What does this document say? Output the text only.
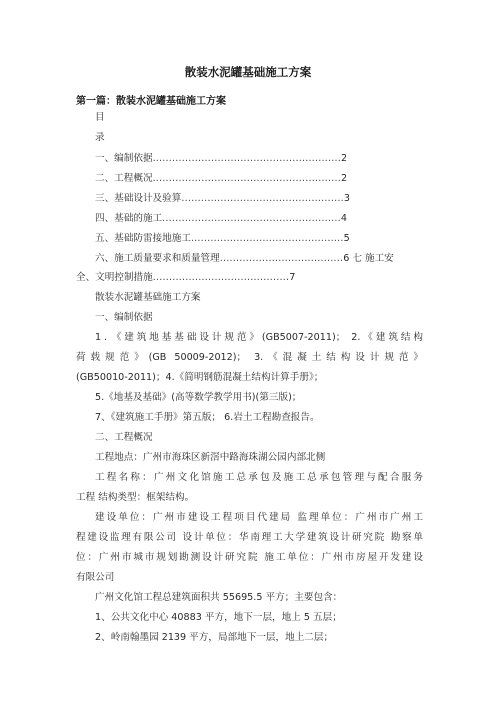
散装水泥罐基础施工方案
第一篇：散装水泥罐基础施工方案
目
录
一、编制依据..........................................................2
二、工程概况..........................................................2
三、基础设计及验算..................................................3
四、基础的施工.......................................................4
五、基础防雷接地施工...............................................5
六、施工质量要求和质量管理......................................6 七 施工安
全、文明控制措施..........................................7
散装水泥罐基础施工方案
一、编制依据
1．《建筑地基基础设计规范》(GB5007-2011)； 2.《建筑结构
荷载规范》(GB 50009-2012)； 3.《混凝土结构设计规范》
(GB50010-2011)；4.《简明钢筋混凝土结构计算手册》；
5.《地基及基础》(高等数学教学用书)(第三版)；
7、《建筑施工手册》第五版； 6.岩土工程勘查报告。
二、工程概况
工程地点：广州市海珠区新滘中路海珠湖公园内部北侧
工程名称：广州文化馆施工总承包及施工总承包管理与配合服务
工程 结构类型：框架结构。
建设单位：广州市建设工程项目代建局 监理单位：广州市广州工
程建设监理有限公司 设计单位：华南理工大学建筑设计研究院 勘察单
位：广州市城市规划勘测设计研究院 施工单位：广州市房屋开发建设
有限公司
广州文化馆工程总建筑面积共 55695.5 平方；主要包含：
1、公共文化中心 40883 平方，地下一层，地上 5 五层；
2、岭南翰墨园 2139 平方，局部地下一层，地上二层；
